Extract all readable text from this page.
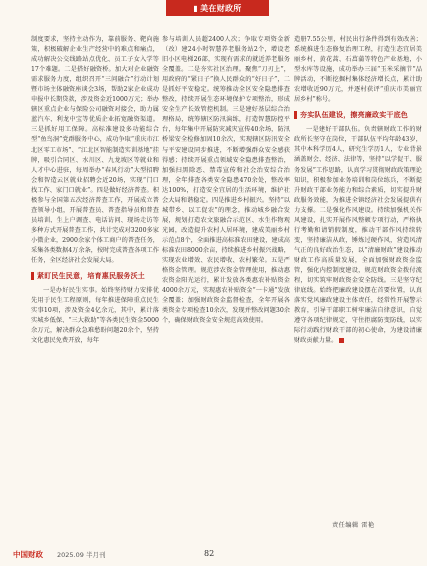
▮ 美在财政所

制度要求，坚持主动作为，靠前服务、靶向施策，积极破解企业生产经营中的难点和痛点，成功解决公交线路站点优化、员工子女入学等17个难题。二是搭好融资桥。加大对企业融资需求服务力度，组织召开“三问融合”行动计划暨市场主体融资座谈会3场，帮助2家企业成功申报中长期贷款，涉及资金近1000万元；举办辖区重点企业与保险公司融资对接会，助力属蓝汽车、利龙中宝等优质企业拓宽融资渠道。三是抓好用工保障。高标准建设多功能综合型“鱼鸟洞”党群服务中心，成功争取“重庆市江北区零工市场”、“江北区智能制造实训基地”挂牌，吸引合同区、水川区、九龙坡区等就业和人才中心进驻，每周举办“春风行动”大型招聘会和智造云区就业招聘会近20场，实现“门口找工作、家门口就业”。四是做好经济普查。积极参与全国第五次经济普查工作，开展成立普查领导小组，开展普查员、普查指导员和普查员培训、生上户调查、电话访问、现场走访等多种方式开展普查工作，共计完成对3200多家小微企业，2900余家个体工商户的普查任务，采集各类数据4万余条，按时完成普查各项工作任务，全区经济社会发展大局。

紧盯民生民意，培育惠民服务沃土

一是办好民生实事。始终坚持财力安排优先用于民生工程原则，每年推进保障重点民生实事10项，涉及资金4亿余元，其中，累计落实城乡低保、“三大救助”等各类民生资金5000余万元，解决群众急难愁盼问题20余个，坚持文化惠民免费开放，每年

参与培训人员超2400人次；争取专项资金新（改）建24小时智慧养老服务站2个，增设老旧小区电梯26部，实现有需求的就近养老服务全覆盖。二是夯实社区治理。聚焦“刀刃上”，用政府的“紧日子”换人民群众的“好日子”，二是抓好平安稳定。统筹推动全区安全隐患排查整改，持续开展生态环境保护专项整治，形成安全生产长效管控机制。三是建好基层综合治理格局，统筹辖区防汛演练，打造智慧防控平台，每年集中开展防灾减灾宣传40余场，防汛桥梁安全检修加固10余次，实现辖区防汛安全与平安建设同步推进，不断增强群众安全感获得感；持续开展重点领域安全隐患排查整治，加强扫黑除恶、禁毒宣传和社会治安综合治理，全年排查各类安全隐患470余处，整改率达100%，打造安全宜居的生活环境，维护社会大局和谐稳定。四是推进乡村振兴。坚持“以城带乡、以工促农”的理念，推动城乡融合发展，规划打造农文旅融合示范区、水生作物观光园，改造提升农村人居环境，建成美丽乡村示范点8个，全面推进高标准农田建设，建成高标准农田8000余亩，持续推进乡村振兴战略，实现农业增效、农民增收、农村繁荣。五是严格资金管理。规范涉农资金管理使用，推动惠农资金阳光运行，累计发放各类惠农补贴资金4000余万元，实现惠农补贴资金“一卡通”发放全覆盖；加强财政资金监督检查，全年开展各类资金专项检查10余次，发现并整改问题30余个，确保财政资金安全规范高效使用。

造册7.55公里，村民出行条件得到有效改善；系统推进生态修复治理工程，打造生态宜居美丽乡村，黄花蒿、石菖蒲等特色产业基地，小型水库等设施，成功举办三届“玉米采摘节”品牌活动，不断挖掘村集体经济增长点，累计助农增收近90万元，并逐村获评“重庆市美丽宜居乡村”称号。

夯实队伍建设，擦亮廉政实干底色

一是建好干部队伍。负责辖财政工作的财政所长坚守在岗位，干部队伍平均年龄43岁，其中本科学历4人，研究生学历1人，专业背景涵盖财会、经济、法律等，坚持“以学促干、服务发展”工作思路，认真学习贯彻财政政策理论知识，积极参加业务培训和岗位练兵，不断提升财政干部业务能力和综合素质，切实提升财政服务效能，为推进全镇经济社会发展提供有力支撑。二是强化作风建设。持续加强机关作风建设，扎实开展作风整顿专项行动，严格执行考勤和请销假制度，推动干部作风持续转变，坚持廉洁从政，锤炼过硬作风，营造风清气正的良好政治生态，以“清廉财政”建设推动财政工作高质量发展，全面加强财政资金监管，强化内控制度建设，规范财政资金拨付流程，切实筑牢财政资金安全防线。三是坚守纪律底线。始终把廉政建设摆在首要位置，认真落实党风廉政建设主体责任，经常性开展警示教育，引导干部职工树牢廉洁自律意识，自觉遵守各项纪律规定，守住拒腐防变防线，以实际行动践行财政干部的初心使命，为建设清廉财政贡献力量。

责任编辑 雷艳
中国财政 2025.09 半月刊	82
